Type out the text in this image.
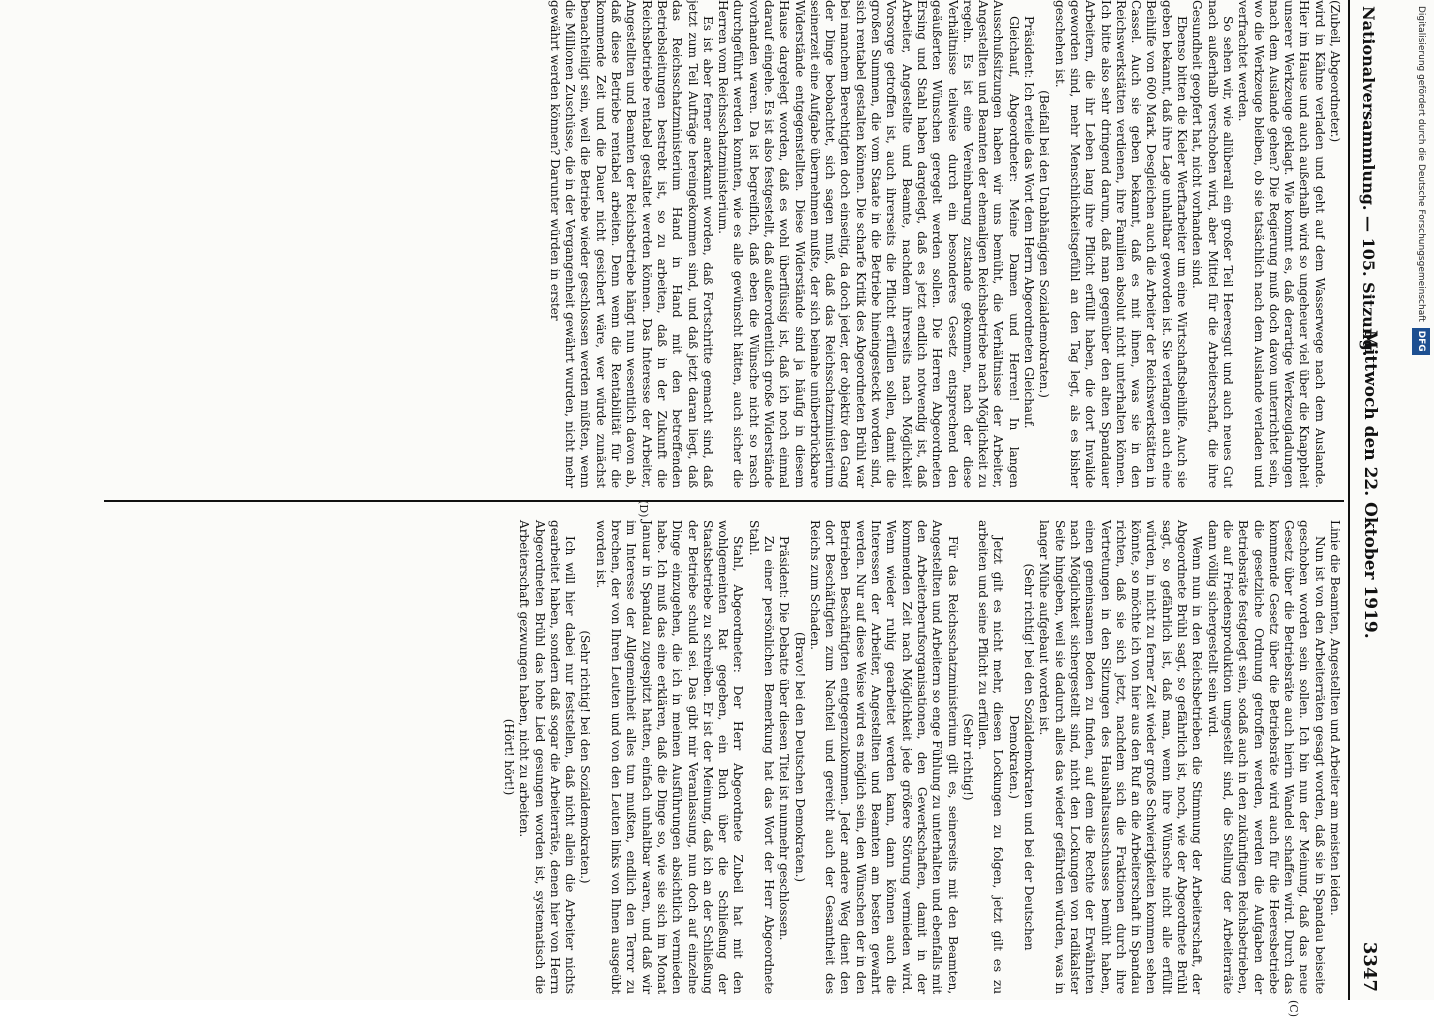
Nationalversammlung. — 105. Sitzung.
Mittwoch den 22. Oktober 1919.
3347
(C)
(D)

(Zubeil, Abgeordneter.)

wird in Kähne verladen und geht auf dem Wasserwege nach dem Auslande. Hier im Hause und auch außerhalb wird so ungeheuer viel über die Knappheit unserer Werkzeuge geklagt. Wie kommt es, daß derartige Werkzeugladungen nach dem Auslande gehen? Die Regierung muß doch davon unterrichtet sein, wo die Werkzeuge bleiben, ob sie tatsächlich nach dem Auslande verladen und verfrachtet werden.

So sehen wir, wie allüberall ein großer Teil Heeresgut und auch neues Gut nach außerhalb verschoben wird, aber Mittel für die Arbeiterschaft, die ihre Gesundheit geopfert hat, nicht vorhanden sind.

Ebenso bitten die Kieler Werftarbeiter um eine Wirtschaftsbeihilfe. Auch sie geben bekannt, daß ihre Lage unhaltbar geworden ist. Sie verlangen auch eine Beihilfe von 600 Mark. Desgleichen auch die Arbeiter der Reichswerkstätten in Cassel. Auch sie geben bekannt, daß es mit ihnen, was sie in den Reichswerkstätten verdienen, ihre Familien absolut nicht unterhalten können. Ich bitte also sehr dringend darum, daß man gegenüber den alten Spandauer Arbeitern, die ihr Leben lang ihre Pflicht erfüllt haben, die dort Invalide geworden sind, mehr Menschlichkeitsgefühl an den Tag legt, als es bisher geschehen ist.

(Beifall bei den Unabhängigen Sozialdemokraten.)

Präsident: Ich erteile das Wort dem Herrn Abgeordneten Gleichauf.

Gleichauf, Abgeordneter: Meine Damen und Herren! In langen Ausschußsitzungen haben wir uns bemüht, die Verhältnisse der Arbeiter, Angestellten und Beamten der ehemaligen Reichsbetriebe nach Möglichkeit zu regeln. Es ist eine Vereinbarung zustande gekommen, nach der diese Verhältnisse teilweise durch ein besonderes Gesetz entsprechend den geäußerten Wünschen geregelt werden sollen. Die Herren Abgeordneten Ersing und Stahl haben dargelegt, daß es jetzt endlich notwendig ist, daß Arbeiter, Angestellte und Beamte, nachdem ihrerseits nach Möglichkeit Vorsorge getroffen ist, auch ihrerseits die Pflicht erfüllen sollen, damit die großen Summen, die vom Staate in die Betriebe hineingesteckt worden sind, sich rentabel gestalten können. Die scharfe Kritik des Abgeordneten Brühl war bei manchem Berechtigten doch einseitig, da doch jeder, der objektiv den Gang der Dinge beobachtet, sich sagen muß, daß das Reichsschatzministerium seinerzeit eine Aufgabe übernehmen mußte, der sich beinahe unüberbrückbare Widerstände entgegenstellten. Diese Widerstände sind ja häufig in diesem Hause dargelegt worden, daß es wohl überflüssig ist, daß ich noch einmal darauf eingehe. Es ist also festgestellt, daß außerordentlich große Widerstände vorhanden waren. Da ist begreiflich, daß eben die Wünsche nicht so rasch durchgeführt werden konnten, wie es alle gewünscht hätten, auch sicher die Herren vom Reichsschatzministerium.

Es ist aber ferner anerkannt worden, daß Fortschritte gemacht sind, daß jetzt zum Teil Aufträge hereingekommen sind, und daß jetzt daran liegt, daß das Reichsschatzministerium Hand in Hand mit den betreffenden Betriebsleitungen bestrebt ist, so zu arbeiten, daß in der Zukunft die Reichsbetriebe rentabel gestaltet werden können. Das Interesse der Arbeiter, Angestellten und Beamten der Reichsbetriebe hängt nun wesentlich davon ab, daß diese Betriebe rentabel arbeiten. Denn wenn die Rentabilität für die kommende Zeit und die Dauer nicht gesichert wäre, wer würde zunächst benachteiligt sein, weil die Betriebe wieder geschlossen werden müßten, wenn die Millionen Zuschüsse, die in der Vergangenheit gewährt wurden, nicht mehr gewährt werden können? Darunter würden in erster

Linie die Beamten, Angestellten und Arbeiter am meisten leiden.

Nun ist von den Arbeiterräten gesagt worden, daß sie in Spandau beiseite geschoben worden sein sollen. Ich bin nun der Meinung, daß das neue Gesetz über die Betriebsräte auch hierin Wandel schaffen wird. Durch das kommende Gesetz über die Betriebsräte wird auch für die Heeresbetriebe die gesetzliche Ordnung getroffen werden, werden die Aufgaben der Betriebsräte festgelegt sein, sodaß auch in den zukünftigen Reichsbetrieben, die auf Friedensproduktion umgestellt sind, die Stellung der Arbeiterräte dann völlig sichergestellt sein wird.

Wenn nun in den Reichsbetrieben die Stimmung der Arbeiterschaft, der Abgeordnete Brühl sagt, so gefährlich ist, noch, wie der Abgeordnete Brühl sagt, so gefährlich ist, daß man, wenn ihre Wünsche nicht alle erfüllt würden, in nicht zu ferner Zeit wieder große Schwierigkeiten kommen sehen könnte, so möchte ich von hier aus den Ruf an die Arbeiterschaft in Spandau richten, daß sie sich jetzt, nachdem sich die Fraktionen durch ihre Vertretungen in den Sitzungen des Haushaltsausschusses bemüht haben, einen gemeinsamen Boden zu finden, auf dem die Rechte der Erwähnten nach Möglichkeit sichergestellt sind, nicht den Lockungen von radikalster Seite hingeben, weil sie dadurch alles das wieder gefährden würden, was in langer Mühe aufgebaut worden ist.

(Sehr richtig! bei den Sozialdemokraten und bei der Deutschen Demokraten.)

Jetzt gilt es nicht mehr, diesen Lockungen zu folgen, jetzt gilt es zu arbeiten und seine Pflicht zu erfüllen.

(Sehr richtig!)

Für das Reichsschatzministerium gilt es, seinerseits mit den Beamten, Angestellten und Arbeitern so enge Fühlung zu unterhalten und ebenfalls mit den Arbeiterberufsorganisationen, den Gewerkschaften, damit in der kommenden Zeit nach Möglichkeit jede größere Störung vermieden wird. Wenn wieder ruhig gearbeitet werden kann, dann können auch die Interessen der Arbeiter, Angestellten und Beamten am besten gewahrt werden. Nur auf diese Weise wird es möglich sein, den Wünschen der in den Betrieben Beschäftigten entgegenzukommen. Jeder andere Weg dient den dort Beschäftigten zum Nachteil und gereicht auch der Gesamtheit des Reichs zum Schaden.

(Bravo! bei den Deutschen Demokraten.)

Präsident: Die Debatte über diesen Titel ist nunmehr geschlossen.

Zu einer persönlichen Bemerkung hat das Wort der Herr Abgeordnete Stahl.

Stahl, Abgeordneter: Der Herr Abgeordnete Zubeil hat mit den wohlgemeinten Rat gegeben, ein Buch über die Schließung der Staatsbetriebe zu schreiben. Er ist der Meinung, daß ich an der Schließung der Betriebe schuld sei. Das gibt mir Veranlassung, nun doch auf einzelne Dinge einzugehen, die ich in meinen Ausführungen absichtlich vermieden habe. Ich muß das eine erklären, daß die Dinge so, wie sie sich im Monat Januar in Spandau zugespitzt hatten, einfach unhaltbar waren, und daß wir im Interesse der Allgemeinheit alles tun mußten, endlich den Terror zu brechen, der von Ihren Leuten und von den Leuten links von Ihnen ausgeübt worden ist.

(Sehr richtig! bei den Sozialdemokraten.)

Ich will hier dabei nur feststellen, daß nicht allein die Arbeiter nichts gearbeitet haben, sondern daß sogar die Arbeiterräte, denen hier von Herrn Abgeordneten Brühl das hohe Lied gesungen worden ist, systematisch die Arbeiterschaft gezwungen haben, nicht zu arbeiten.

(Hört! hört!)

Digitalisierung gefördert durch die Deutsche Forschungsgemeinschaft DFG
